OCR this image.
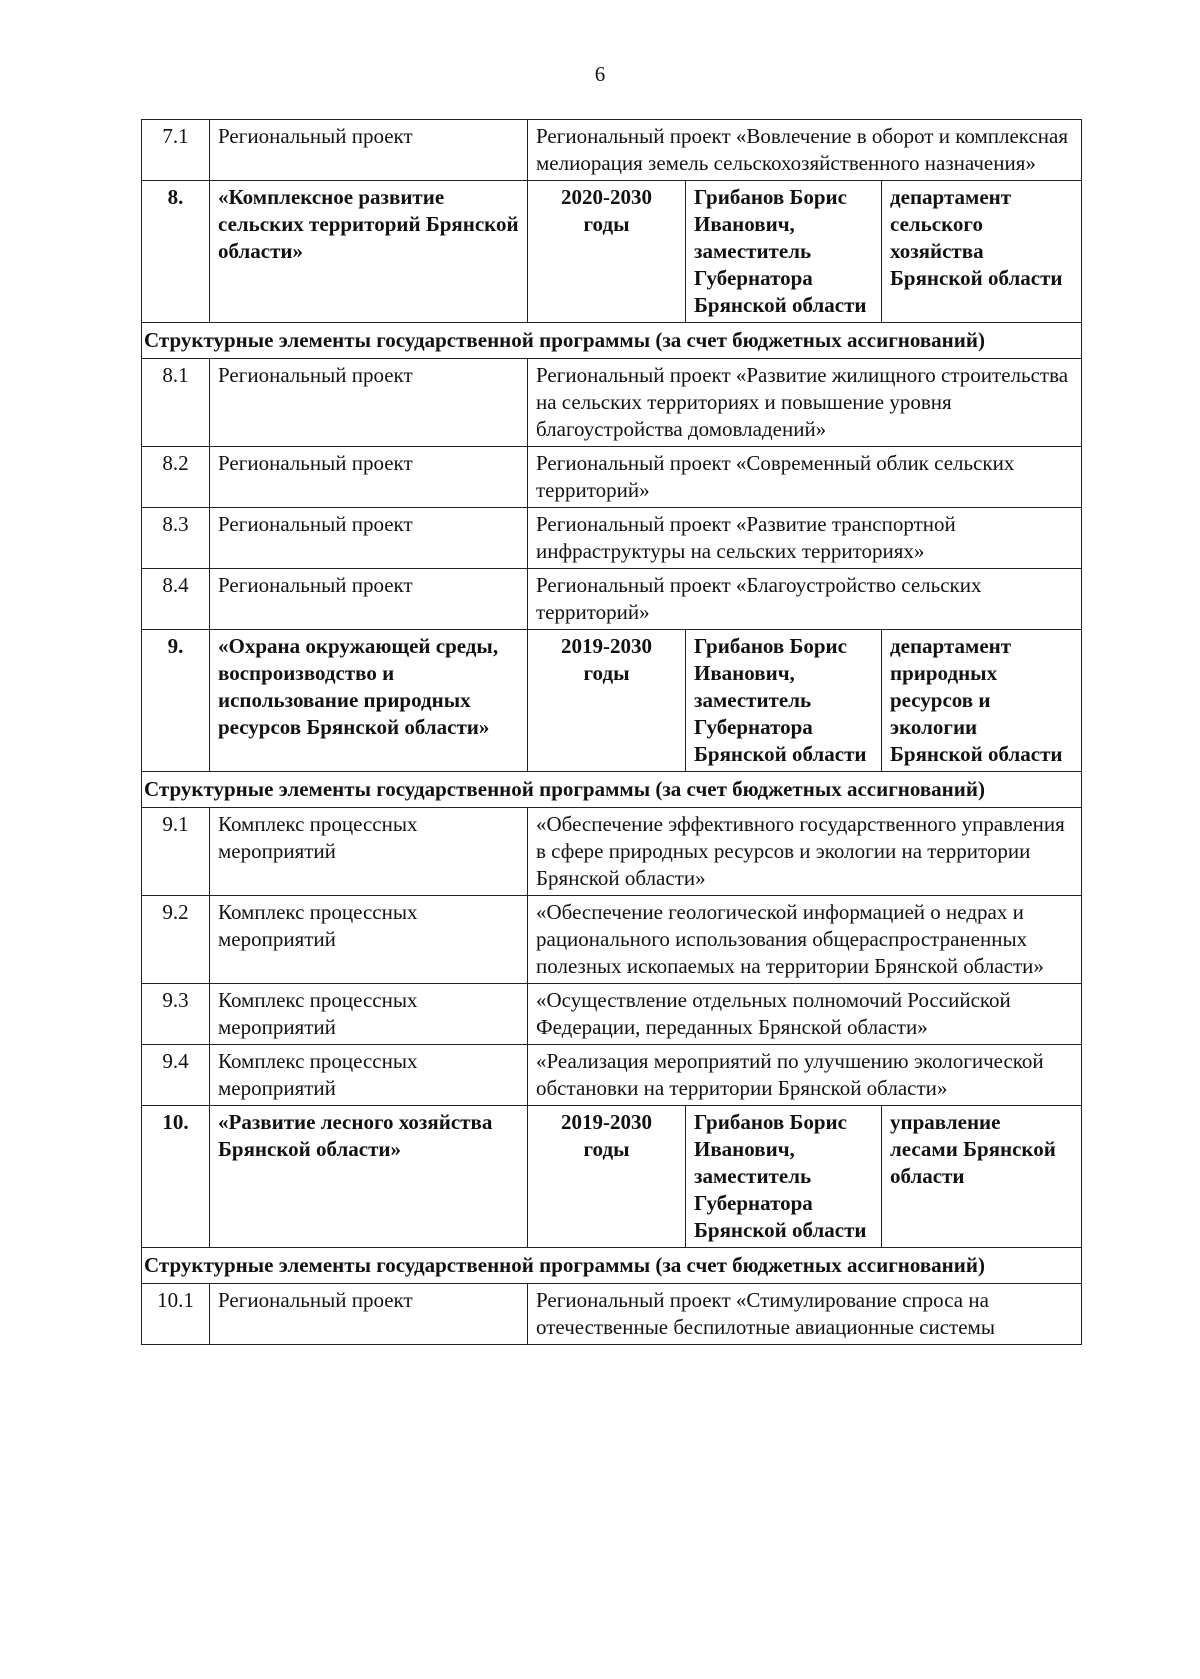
6
7.1	Региональный проект	Региональный проект «Вовлечение в оборот и комплексная мелиорация земель сельскохозяйственного назначения»		
8.	«Комплексное развитие сельских территорий Брянской области»	2020-2030 годы	Грибанов Борис Иванович, заместитель Губернатора Брянской области	департамент сельского хозяйства Брянской области
Структурные элементы государственной программы (за счет бюджетных ассигнований)				
8.1	Региональный проект	Региональный проект «Развитие жилищного строительства на сельских территориях и повышение уровня благоустройства домовладений»		
8.2	Региональный проект	Региональный проект «Современный облик сельских территорий»		
8.3	Региональный проект	Региональный проект «Развитие транспортной инфраструктуры на сельских территориях»		
8.4	Региональный проект	Региональный проект «Благоустройство сельских территорий»		
9.	«Охрана окружающей среды, воспроизводство и использование природных ресурсов Брянской области»	2019-2030 годы	Грибанов Борис Иванович, заместитель Губернатора Брянской области	департамент природных ресурсов и экологии Брянской области
Структурные элементы государственной программы (за счет бюджетных ассигнований)				
9.1	Комплекс процессных мероприятий	«Обеспечение эффективного государственного управления в сфере природных ресурсов и экологии на территории Брянской области»		
9.2	Комплекс процессных мероприятий	«Обеспечение геологической информацией о недрах и рационального использования общераспространенных полезных ископаемых на территории Брянской области»		
9.3	Комплекс процессных мероприятий	«Осуществление отдельных полномочий Российской Федерации, переданных Брянской области»		
9.4	Комплекс процессных мероприятий	«Реализация мероприятий по улучшению экологической обстановки на территории Брянской области»		
10.	«Развитие лесного хозяйства Брянской области»	2019-2030 годы	Грибанов Борис Иванович, заместитель Губернатора Брянской области	управление лесами Брянской области
Структурные элементы государственной программы (за счет бюджетных ассигнований)				
10.1	Региональный проект	Региональный проект «Стимулирование спроса на отечественные беспилотные авиационные системы		
